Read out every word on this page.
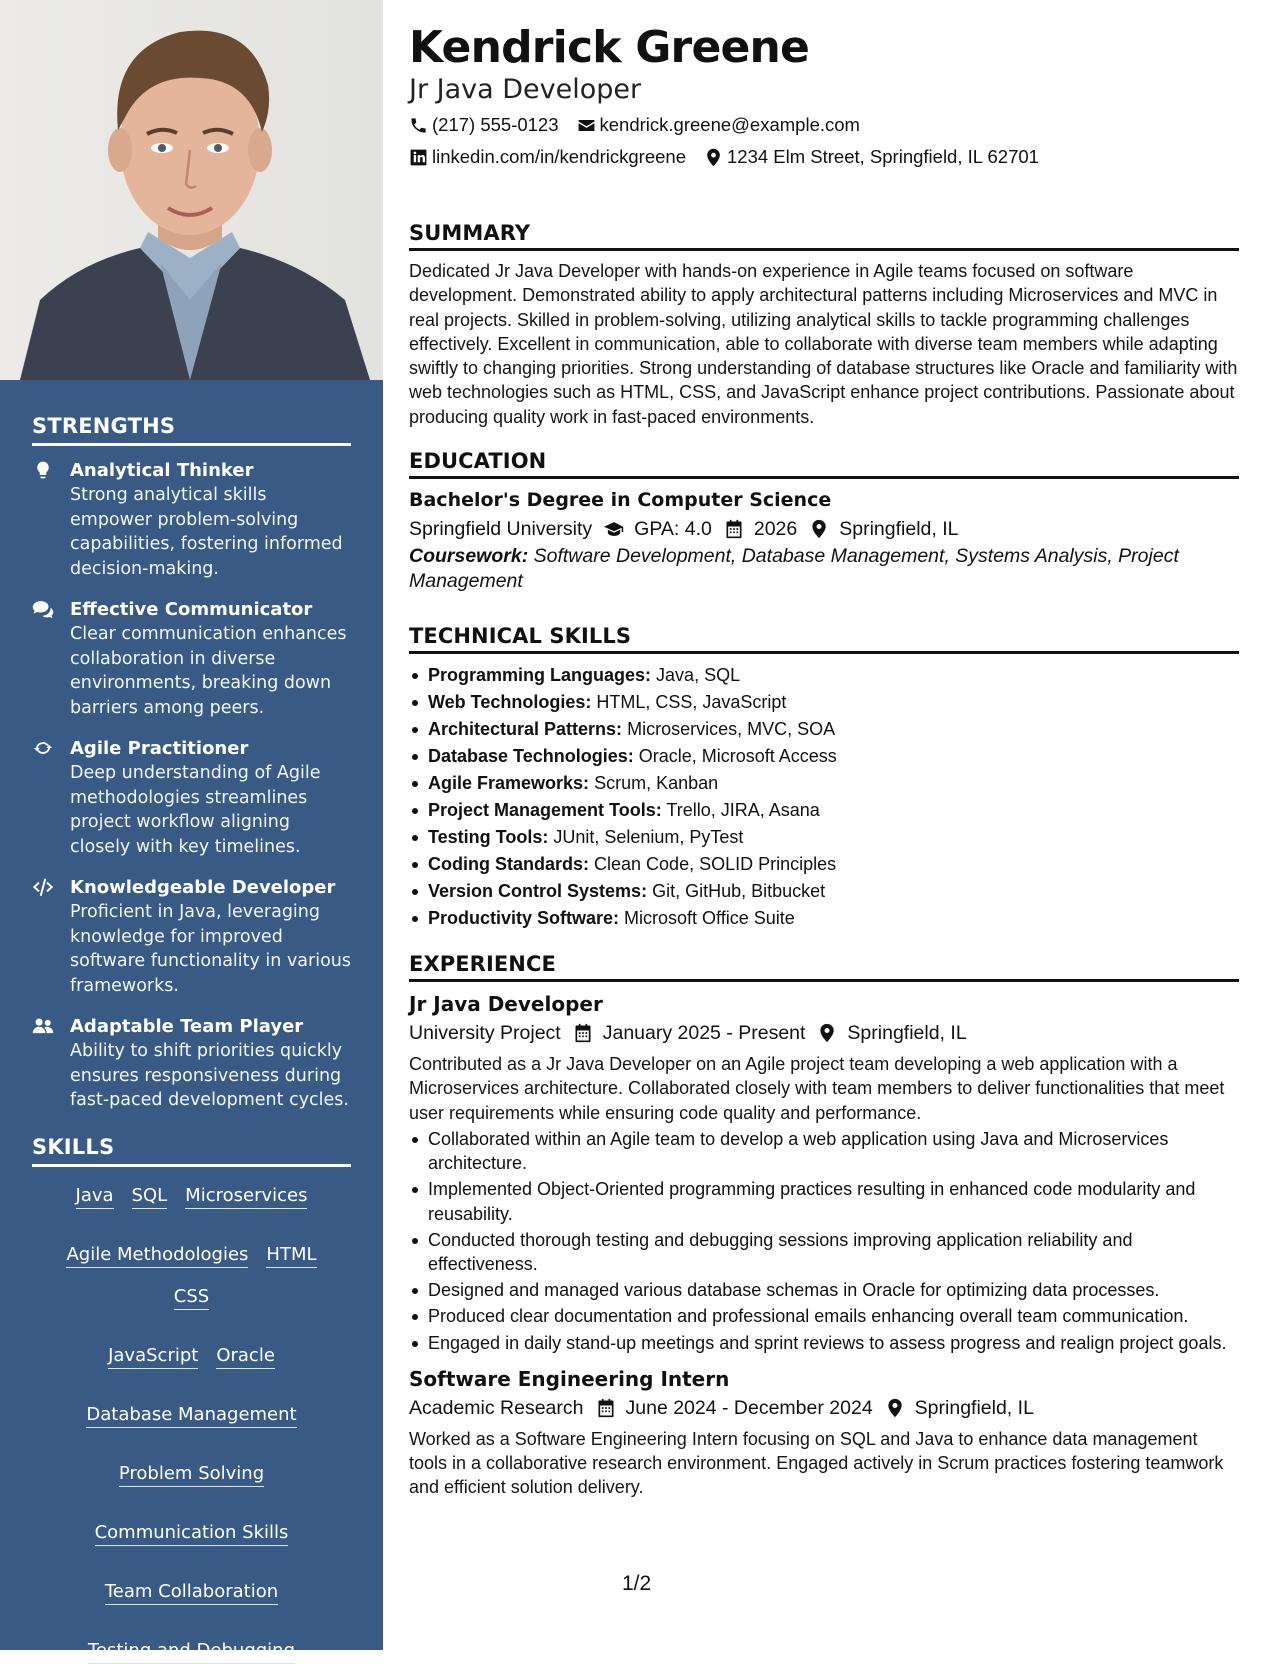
STRENGTHS
Analytical Thinker
Strong analytical skills empower problem-solving capabilities, fostering informed decision-making.
Effective Communicator
Clear communication enhances collaboration in diverse environments, breaking down barriers among peers.
Agile Practitioner
Deep understanding of Agile methodologies streamlines project workflow aligning closely with key timelines.
Knowledgeable Developer
Proficient in Java, leveraging knowledge for improved software functionality in various frameworks.
Adaptable Team Player
Ability to shift priorities quickly ensures responsiveness during fast-paced development cycles.
SKILLS
Java	SQL	Microservices
Agile Methodologies	HTML
CSS
JavaScript	Oracle
Database Management
Problem Solving
Communication Skills
Team Collaboration
Testing and Debugging
Kendrick Greene
Jr Java Developer
(217) 555-0123 kendrick.greene@example.com
linkedin.com/in/kendrickgreene 1234 Elm Street, Springfield, IL 62701
SUMMARY
Dedicated Jr Java Developer with hands-on experience in Agile teams focused on software development. Demonstrated ability to apply architectural patterns including Microservices and MVC in real projects. Skilled in problem-solving, utilizing analytical skills to tackle programming challenges effectively. Excellent in communication, able to collaborate with diverse team members while adapting swiftly to changing priorities. Strong understanding of database structures like Oracle and familiarity with web technologies such as HTML, CSS, and JavaScript enhance project contributions. Passionate about producing quality work in fast-paced environments.
EDUCATION
Bachelor's Degree in Computer Science
Springfield University GPA: 4.0 2026 Springfield, IL
Coursework: Software Development, Database Management, Systems Analysis, Project Management
TECHNICAL SKILLS
Programming Languages: Java, SQL
Web Technologies: HTML, CSS, JavaScript
Architectural Patterns: Microservices, MVC, SOA
Database Technologies: Oracle, Microsoft Access
Agile Frameworks: Scrum, Kanban
Project Management Tools: Trello, JIRA, Asana
Testing Tools: JUnit, Selenium, PyTest
Coding Standards: Clean Code, SOLID Principles
Version Control Systems: Git, GitHub, Bitbucket
Productivity Software: Microsoft Office Suite
EXPERIENCE
Jr Java Developer
University Project January 2025 - Present Springfield, IL
Contributed as a Jr Java Developer on an Agile project team developing a web application with a Microservices architecture. Collaborated closely with team members to deliver functionalities that meet user requirements while ensuring code quality and performance.
Collaborated within an Agile team to develop a web application using Java and Microservices architecture.
Implemented Object-Oriented programming practices resulting in enhanced code modularity and reusability.
Conducted thorough testing and debugging sessions improving application reliability and effectiveness.
Designed and managed various database schemas in Oracle for optimizing data processes.
Produced clear documentation and professional emails enhancing overall team communication.
Engaged in daily stand-up meetings and sprint reviews to assess progress and realign project goals.
Software Engineering Intern
Academic Research June 2024 - December 2024 Springfield, IL
Worked as a Software Engineering Intern focusing on SQL and Java to enhance data management tools in a collaborative research environment. Engaged actively in Scrum practices fostering teamwork and efficient solution delivery.
1/2
